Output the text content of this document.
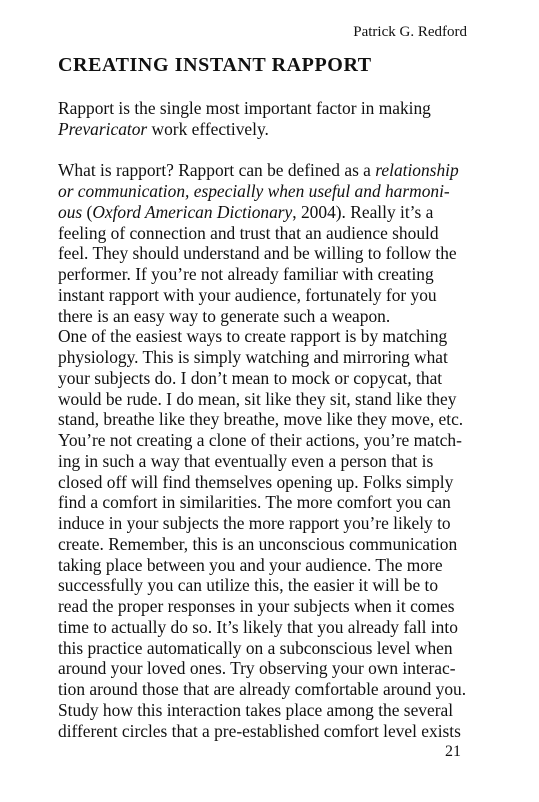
Patrick G. Redford
CREATING INSTANT RAPPORT
Rapport is the single most important factor in making
Prevaricator work effectively.
What is rapport? Rapport can be defined as a relationship
or communication, especially when useful and harmoni-
ous (Oxford American Dictionary, 2004). Really it’s a
feeling of connection and trust that an audience should
feel. They should understand and be willing to follow the
performer. If you’re not already familiar with creating
instant rapport with your audience, fortunately for you
there is an easy way to generate such a weapon.
One of the easiest ways to create rapport is by matching
physiology. This is simply watching and mirroring what
your subjects do. I don’t mean to mock or copycat, that
would be rude. I do mean, sit like they sit, stand like they
stand, breathe like they breathe, move like they move, etc.
You’re not creating a clone of their actions, you’re match-
ing in such a way that eventually even a person that is
closed off will find themselves opening up. Folks simply
find a comfort in similarities. The more comfort you can
induce in your subjects the more rapport you’re likely to
create. Remember, this is an unconscious communication
taking place between you and your audience. The more
successfully you can utilize this, the easier it will be to
read the proper responses in your subjects when it comes
time to actually do so. It’s likely that you already fall into
this practice automatically on a subconscious level when
around your loved ones. Try observing your own interac-
tion around those that are already comfortable around you.
Study how this interaction takes place among the several
different circles that a pre-established comfort level exists
21
